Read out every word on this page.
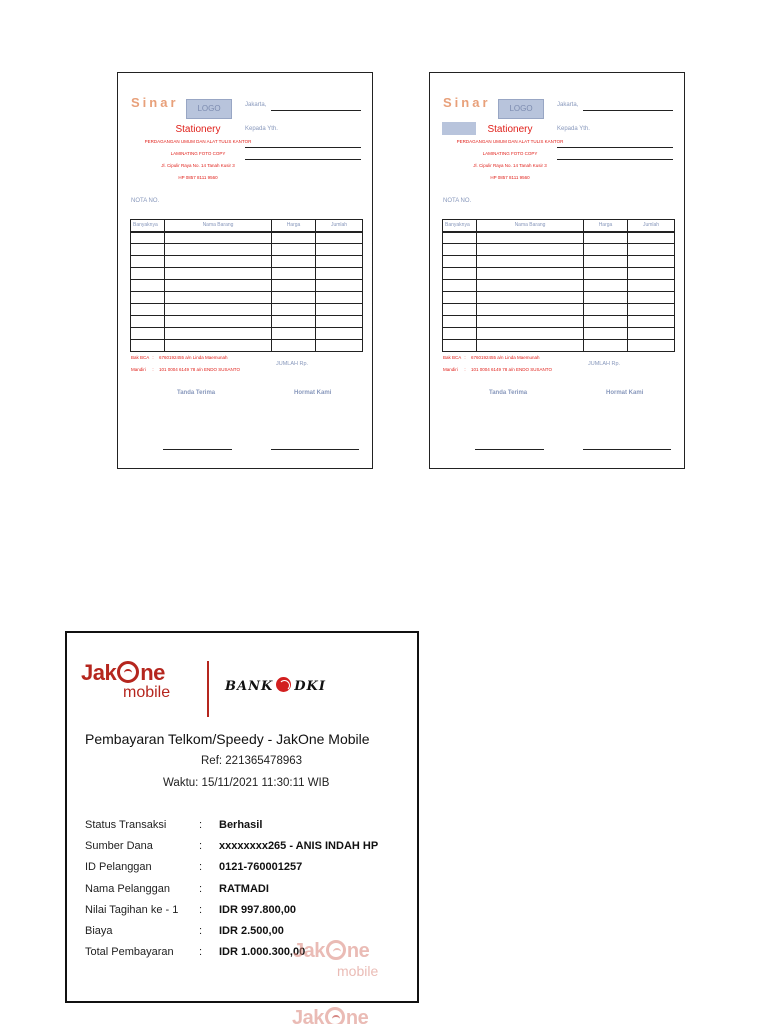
Sinar	LOGO
Stationery
PERDAGANGAN UMUM DAN ALAT TULIS KANTOR
LAMINATING FOTO COPY
Jl. Cipulir Raya No. 14 Tanah Kusir 3
HP 0857 8111 9560
Jakarta,
Kepada Yth.
NOTA NO.
Banyaknya	Nama Barang	Harga	Jumlah

Bak BCA : 6760192455 a/n Linda Maemunah
Mandiri : 101 0004 6149 78 a/n ENDO SUSANTO
JUMLAH Rp.
Tanda Terima	Hormat Kami
Sinar	LOGO
Stationery
PERDAGANGAN UMUM DAN ALAT TULIS KANTOR
LAMINATING FOTO COPY
Jl. Cipulir Raya No. 14 Tanah Kusir 3
HP 0857 8111 9560
Jakarta,
Kepada Yth.
NOTA NO.
Banyaknya	Nama Barang	Harga	Jumlah

Bak BCA : 6760192455 a/n Linda Maemunah
Mandiri : 101 0004 6149 78 a/n ENDO SUSANTO
JUMLAH Rp.
Tanda Terima	Hormat Kami
Jak ne
mobile	BANK DKI
Pembayaran Telkom/Speedy - JakOne Mobile
Ref: 221365478963
Waktu: 15/11/2021 11:30:11 WIB
Status Transaksi	: Berhasil
Sumber Dana	: xxxxxxxx265 - ANIS INDAH HP
ID Pelanggan	: 0121-760001257
Nama Pelanggan	: RATMADI
Nilai Tagihan ke - 1 : IDR 997.800,00
Biaya	: IDR 2.500,00
Total Pembayaran : IDR 1.000.300,00
Jak ne
mobile
Jak ne
